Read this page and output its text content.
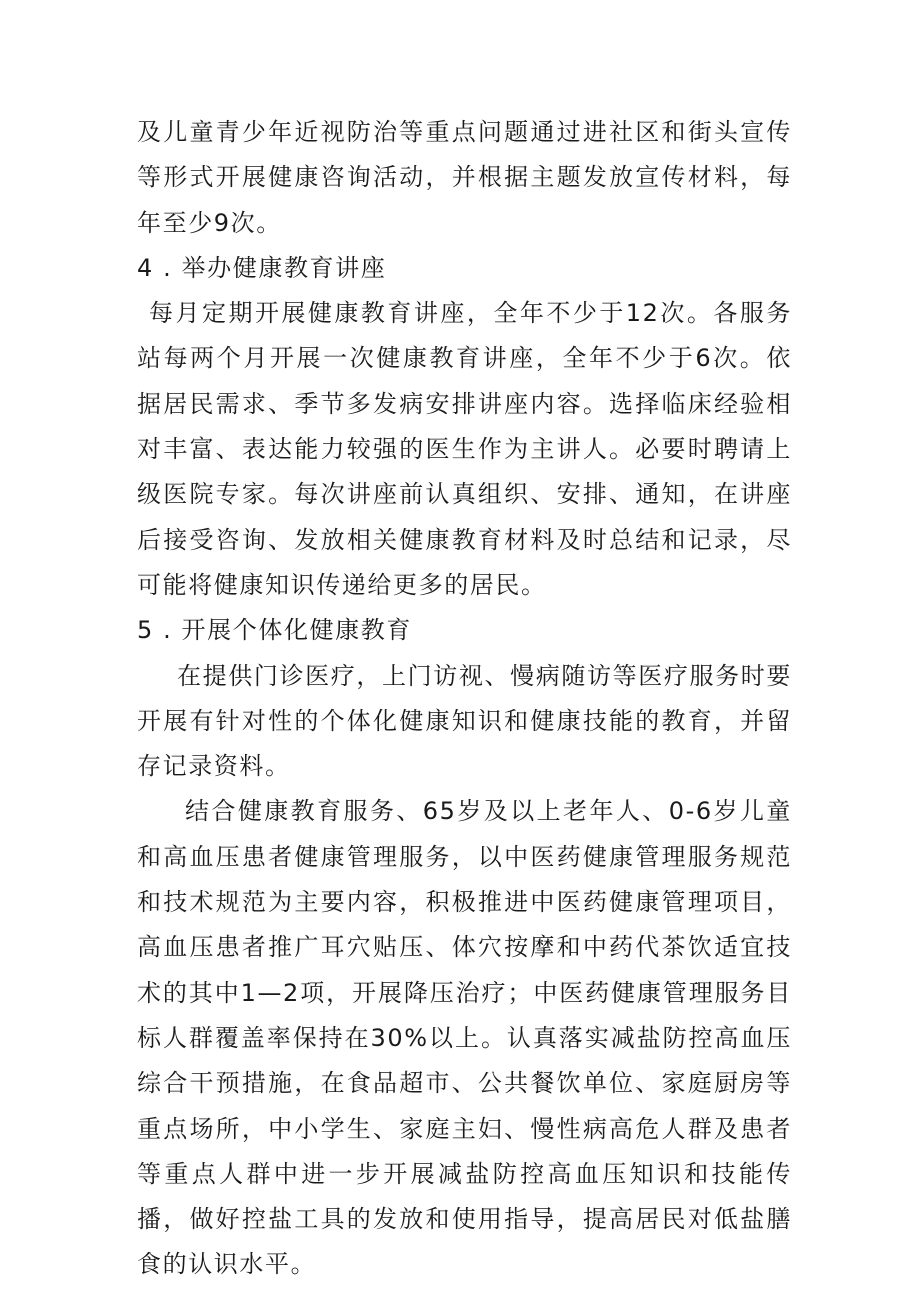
及儿童青少年近视防治等重点问题通过进社区和街头宣传等形式开展健康咨询活动，并根据主题发放宣传材料，每年至少9次。

4 . 举办健康教育讲座

每月定期开展健康教育讲座，全年不少于12次。各服务站每两个月开展一次健康教育讲座，全年不少于6次。依据居民需求、季节多发病安排讲座内容。选择临床经验相对丰富、表达能力较强的医生作为主讲人。必要时聘请上级医院专家。每次讲座前认真组织、安排、通知，在讲座后接受咨询、发放相关健康教育材料及时总结和记录，尽可能将健康知识传递给更多的居民。

5 . 开展个体化健康教育

在提供门诊医疗，上门访视、慢病随访等医疗服务时要开展有针对性的个体化健康知识和健康技能的教育，并留存记录资料。

结合健康教育服务、65岁及以上老年人、0-6岁儿童和高血压患者健康管理服务，以中医药健康管理服务规范和技术规范为主要内容，积极推进中医药健康管理项目，高血压患者推广耳穴贴压、体穴按摩和中药代茶饮适宜技术的其中1—2项，开展降压治疗；中医药健康管理服务目标人群覆盖率保持在30%以上。认真落实减盐防控高血压综合干预措施，在食品超市、公共餐饮单位、家庭厨房等重点场所，中小学生、家庭主妇、慢性病高危人群及患者等重点人群中进一步开展减盐防控高血压知识和技能传播，做好控盐工具的发放和使用指导，提高居民对低盐膳食的认识水平。
